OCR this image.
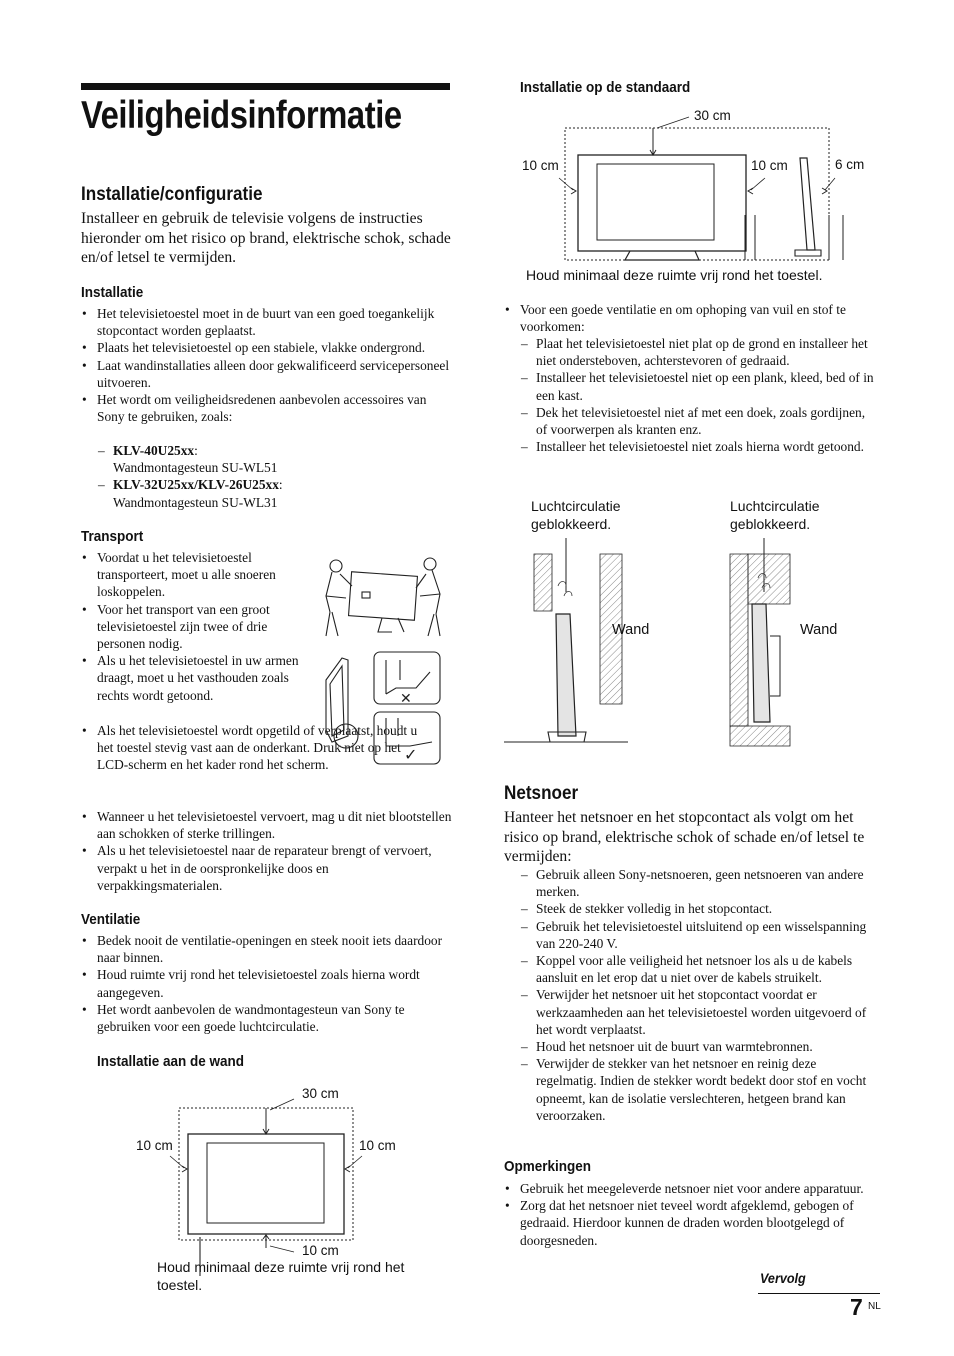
Veiligheidsinformatie
Installatie/configuratie
Installeer en gebruik de televisie volgens de instructies hieronder om het risico op brand, elektrische schok, schade en/of letsel te vermijden.
Installatie
• Het televisietoestel moet in de buurt van een goed toegankelijk stopcontact worden geplaatst.
• Plaats het televisietoestel op een stabiele, vlakke ondergrond.
• Laat wandinstallaties alleen door gekwalificeerd servicepersoneel uitvoeren.
• Het wordt om veiligheidsredenen aanbevolen accessoires van Sony te gebruiken, zoals:
– KLV-40U25xx:
Wandmontagesteun SU-WL51
– KLV-32U25xx/KLV-26U25xx:
Wandmontagesteun SU-WL31
Transport
• Voordat u het televisietoestel transporteert, moet u alle snoeren loskoppelen.
• Voor het transport van een groot televisietoestel zijn twee of drie personen nodig.
• Als u het televisietoestel in uw armen draagt, moet u het vasthouden zoals rechts wordt getoond.
• Als het televisietoestel wordt opgetild of verplaatst, houdt u het toestel stevig vast aan de onderkant. Druk niet op het LCD-scherm en het kader rond het scherm.
• Wanneer u het televisietoestel vervoert, mag u dit niet blootstellen aan schokken of sterke trillingen.
• Als u het televisietoestel naar de reparateur brengt of vervoert, verpakt u het in de oorspronkelijke doos en verpakkingsmaterialen.
✕
✓
Ventilatie
• Bedek nooit de ventilatie-openingen en steek nooit iets daardoor naar binnen.
• Houd ruimte vrij rond het televisietoestel zoals hierna wordt aangegeven.
• Het wordt aanbevolen de wandmontagesteun van Sony te gebruiken voor een goede luchtcirculatie.
Installatie aan de wand
30 cm
10 cm	10 cm
10 cm
Houd minimaal deze ruimte vrij rond het toestel.
Installatie op de standaard
30 cm
10 cm	10 cm	6 cm
Houd minimaal deze ruimte vrij rond het toestel.
• Voor een goede ventilatie en om ophoping van vuil en stof te voorkomen:
– Plaat het televisietoestel niet plat op de grond en installeer het niet ondersteboven, achterstevoren of gedraaid.
– Installeer het televisietoestel niet op een plank, kleed, bed of in een kast.
– Dek het televisietoestel niet af met een doek, zoals gordijnen, of voorwerpen als kranten enz.
– Installeer het televisietoestel niet zoals hierna wordt getoond.
Luchtcirculatie geblokkeerd.
Luchtcirculatie geblokkeerd.
Wand	Wand
Netsnoer
Hanteer het netsnoer en het stopcontact als volgt om het risico op brand, elektrische schok of schade en/of letsel te vermijden:
– Gebruik alleen Sony-netsnoeren, geen netsnoeren van andere merken.
– Steek de stekker volledig in het stopcontact.
– Gebruik het televisietoestel uitsluitend op een wisselspanning van 220-240 V.
– Koppel voor alle veiligheid het netsnoer los als u de kabels aansluit en let erop dat u niet over de kabels struikelt.
– Verwijder het netsnoer uit het stopcontact voordat er werkzaamheden aan het televisietoestel worden uitgevoerd of het wordt verplaatst.
– Houd het netsnoer uit de buurt van warmtebronnen.
– Verwijder de stekker van het netsnoer en reinig deze regelmatig. Indien de stekker wordt bedekt door stof en vocht opneemt, kan de isolatie verslechteren, hetgeen brand kan veroorzaken.
Opmerkingen
• Gebruik het meegeleverde netsnoer niet voor andere apparatuur.
• Zorg dat het netsnoer niet teveel wordt afgeklemd, gebogen of gedraaid. Hierdoor kunnen de draden worden blootgelegd of doorgesneden.
Vervolg
7 NL
